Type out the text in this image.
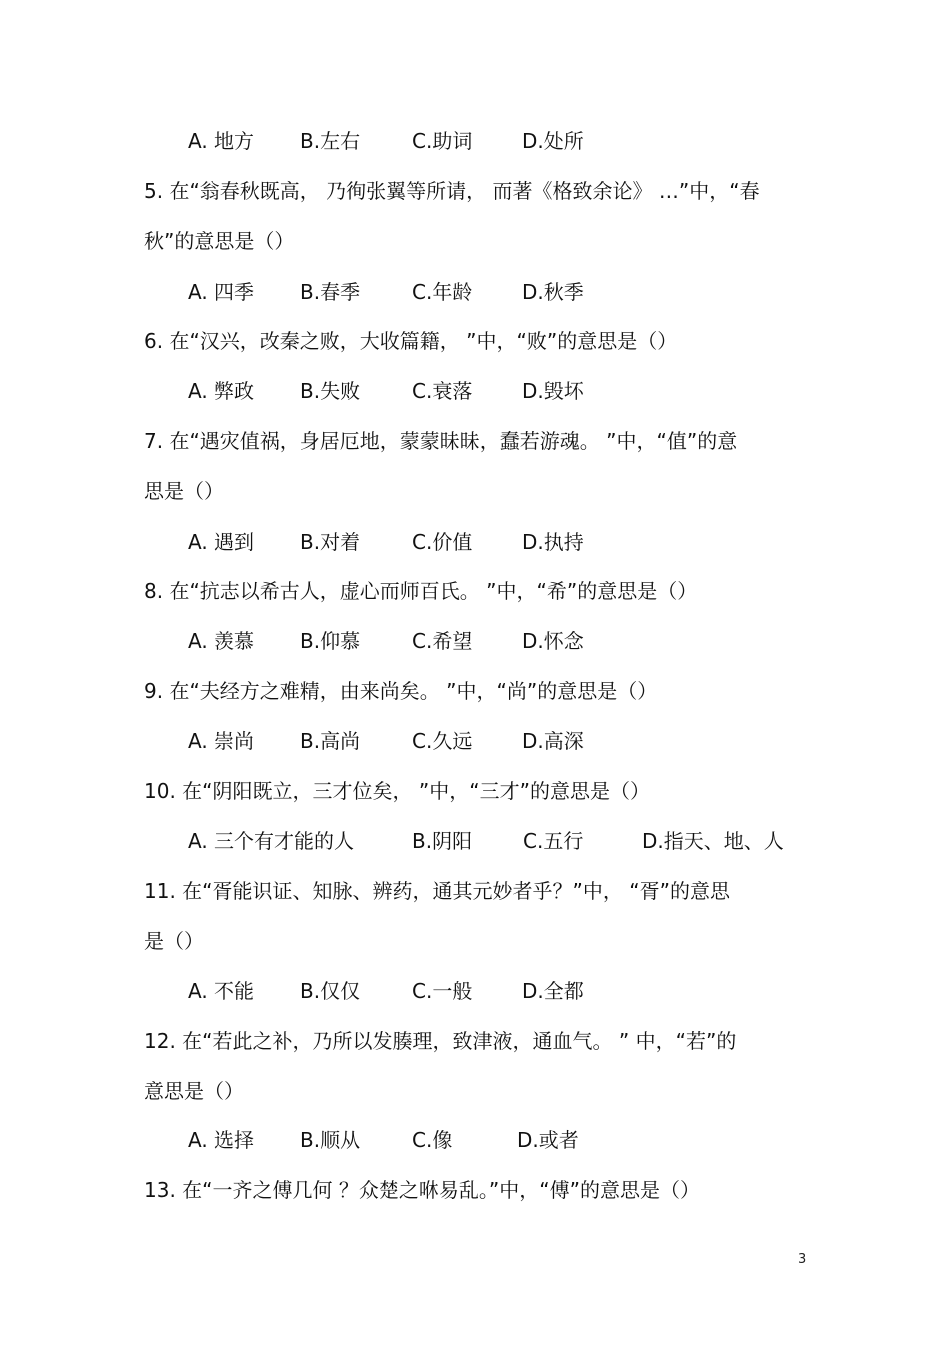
A. 地方 B.左右	C.助词 D.处所
5. 在“翁春秋既高， 乃徇张翼等所请， 而著《格致余论》 …”中，“春
秋”的意思是（）
A. 四季 B.春季	C.年龄 D.秋季
6. 在“汉兴，改秦之败，大收篇籍， ”中，“败”的意思是（）
A. 弊政 B.失败	C.衰落 D.毁坏
7. 在“遇灾值祸，身居厄地，蒙蒙昧昧，蠢若游魂。 ”中，“值”的意
思是（）
A. 遇到 B.对着	C.价值 D.执持
8. 在“抗志以希古人，虚心而师百氏。 ”中，“希”的意思是（）
A. 羡慕 B.仰慕	C.希望 D.怀念
9. 在“夫经方之难精，由来尚矣。 ”中，“尚”的意思是（）
A. 崇尚 B.高尚	C.久远 D.高深
10. 在“阴阳既立，三才位矣， ”中，“三才”的意思是（）
A. 三个有才能的人	B.阴阳	C.五行	D.指天、地、人
11. 在“胥能识证、知脉、辨药，通其元妙者乎？”中， “胥”的意思
是（）
A. 不能 B.仅仅	C.一般 D.全都
12. 在“若此之补，乃所以发腠理，致津液，通血气。 ” 中，“若”的
意思是（）
A. 选择 B.顺从	C.像	D.或者
13. 在“一齐之傅几何 ？众楚之咻易乱。”中，“傅”的意思是（）
3
